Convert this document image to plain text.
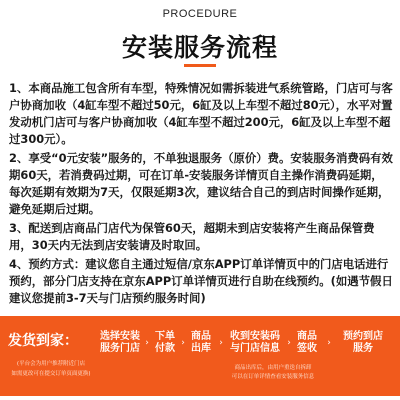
PROCEDURE
安装服务流程

1、本商品施工包含所有车型，特殊情况如需拆装进气系统管路，门店可与客户协商加收（4缸车型不超过50元，6缸及以上车型不超过80元），水平对置发动机门店可与客户协商加收（4缸车型不超过200元，6缸及以上车型不超过300元）。

2、享受“0元安装”服务的，不单独退服务（原价）费。安装服务消费码有效期60天，若消费码过期，可在订单-安装服务详情页自主操作消费码延期，每次延期有效期为7天，仅限延期3次，建议结合自己的到店时间操作延期，避免延期后过期。

3、配送到店商品门店代为保管60天，超期未到店安装将产生商品保管费用，30天内无法到店安装请及时取回。

4、预约方式：建议您自主通过短信/京东APP订单详情页中的门店电话进行预约，部分门店支持在京东APP订单详情页进行自助在线预约。(如遇节假日建议您提前3-7天与门店预约服务时间)

发货到家：
(平台会为用户推荐附近门店
如需更改可在提交订单页面更换)
选择安装
服务门店 ›
下单
付款 ›
商品
出库 ›
收到安装码
与门店信息 ›
商品
签收	›
预约到店
服务
商品出库后，由用户重迭自拆卸
可以在订单详情查看安装服务信息
